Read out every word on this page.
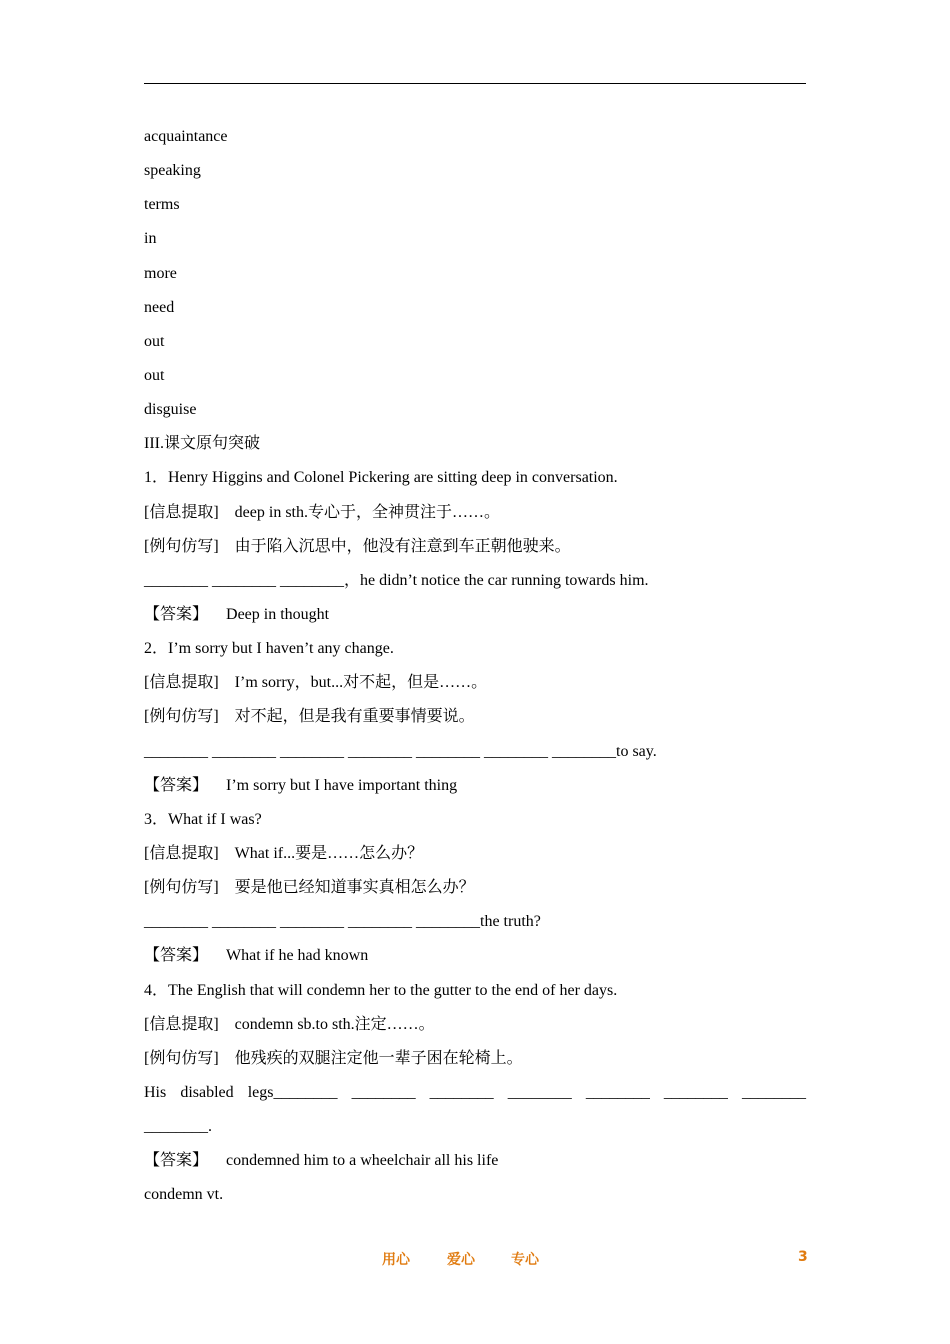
acquaintance
speaking
terms
in
more
need
out
out
disguise
III.课文原句突破
1．Henry Higgins and Colonel Pickering are sitting deep in conversation.
[信息提取] deep in sth.专心于，全神贯注于……。
[例句仿写] 由于陷入沉思中，他没有注意到车正朝他驶来。
________ ________ ________，he didn’t notice the car running towards him.
【答案】 Deep in thought
2．I’m sorry but I haven’t any change.
[信息提取] I’m sorry，but...对不起，但是……。
[例句仿写] 对不起，但是我有重要事情要说。
________ ________ ________ ________ ________ ________ ________to say.
【答案】 I’m sorry but I have important thing
3．What if I was?
[信息提取] What if...要是……怎么办？
[例句仿写] 要是他已经知道事实真相怎么办？
________ ________ ________ ________ ________the truth?
【答案】 What if he had known
4．The English that will condemn her to the gutter to the end of her days.
[信息提取] condemn sb.to sth.注定……。
[例句仿写] 他残疾的双腿注定他一辈子困在轮椅上。
His disabled legs________ ________ ________ ________ ________ ________ ________
________.
【答案】 condemned him to a wheelchair all his life
condemn vt.
用心	爱心	专心	3
